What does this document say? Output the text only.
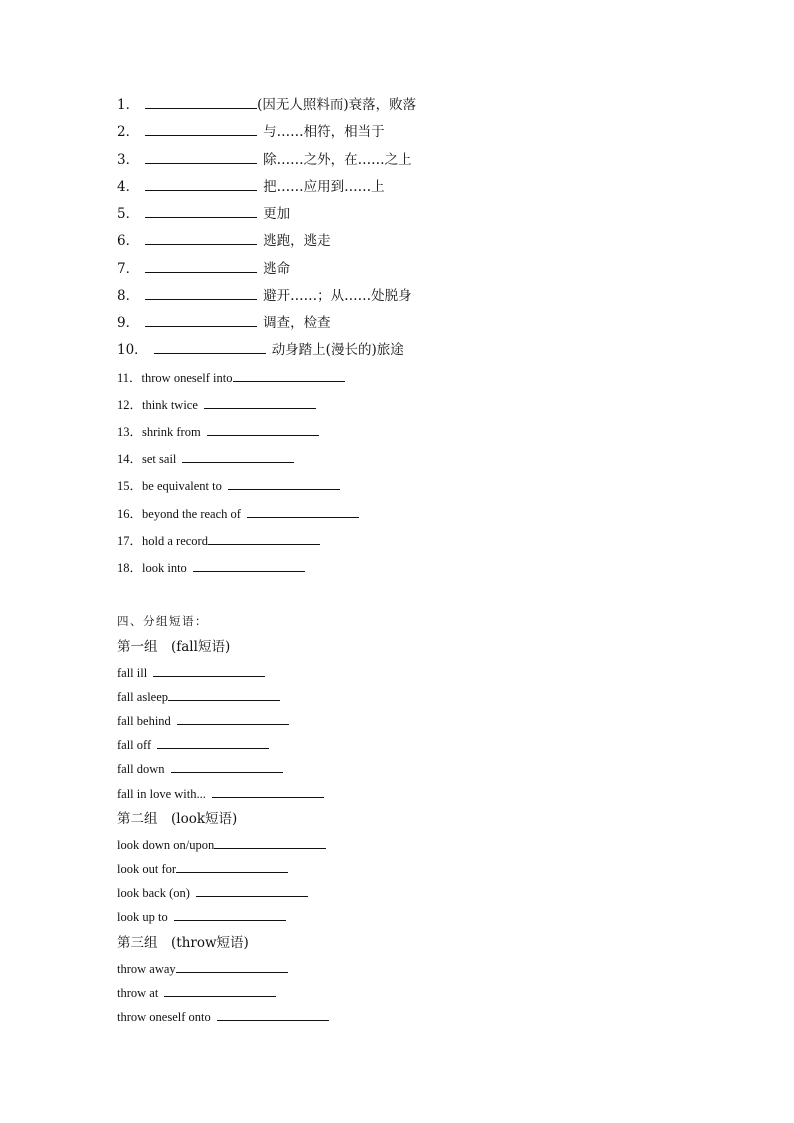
1．	(因无人照料而)衰落，败落
2．	与……相符，相当于
3．	除……之外，在……之上
4．	把……应用到……上
5．	更加
6．	逃跑，逃走
7．	逃命
8．	避开……；从……处脱身
9．	调查，检查
10．	动身踏上(漫长的)旅途
11．throw oneself into
12．think twice
13．shrink from
14．set sail
15．be equivalent to
16．beyond the reach of
17．hold a record
18．look into
四、分组短语：
第一组　(fall短语)
fall ill
fall asleep
fall behind
fall off
fall down
fall in love with...
第二组　(look短语)
look down on/upon
look out for
look back (on)
look up to
第三组　(throw短语)
throw away
throw at
throw oneself onto
